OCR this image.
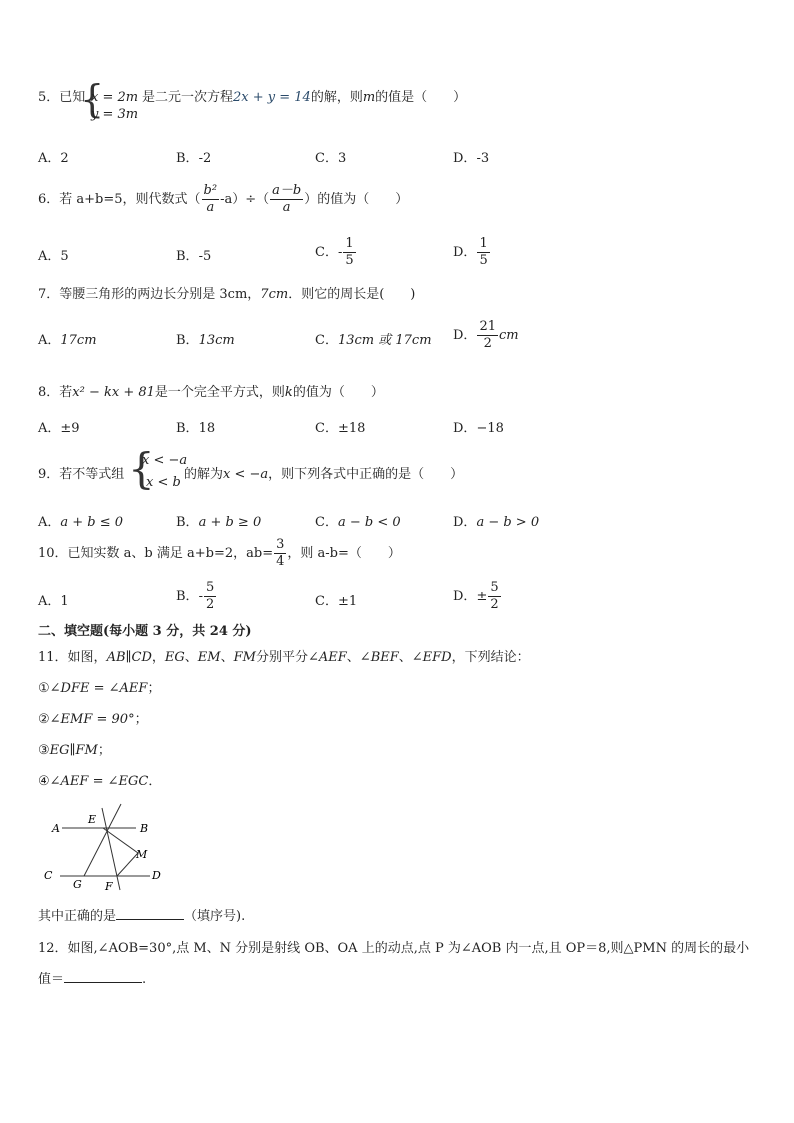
5．已知
{
x = 2m
y = 3m
是二元一次方程2x + y = 14的解，则m的值是（　　）
A．2	B．-2	C．3	D．-3
6．若 a+b=5，则代数式（ $\frac{\text{b²}}{a} -a)\div( \frac{a-b}{a}$ ）的值为（　　）
A．5	B．-5	C．- $\frac{1}{5}$	D． $\frac{1}{5}$
7．等腰三角形的两边长分别是 3cm，7cm．则它的周长是(　　)
A．17cm	B．13cm	C．13cm 或 17cm D． $\frac{21}{2}$ cm
8．若x² − kx + 81是一个完全平方式，则k的值为（　　）
A．±9	B．18	C．±18	D．−18
9．若不等式组 {
x < −a
x < b
的解为x < −a，则下列各式中正确的是（　　）
A．a + b ≤ 0	B．a + b ≥ 0	C．a − b < 0	D．a − b > 0
10．已知实数 a、b 满足 a+b=2，$ab= \frac{3}{4}$ ，则 a-b=（　　）
A．1	B．- $\frac{5}{2}$	C．±1	D．± $\frac{5}{2}$
二、填空题(每小题 3 分，共 24 分)
11．如图，AB∥CD，EG、EM、FM分别平分∠AEF、∠BEF、∠EFD，下列结论：
①∠DFE = ∠AEF；
②∠EMF = 90°；
③EG∥FM；
④∠AEF = ∠EGC．
A
E
B
M
C
G F
D
其中正确的是	（填序号).
12．如图,∠AOB=30°,点 M、N 分别是射线 OB、OA 上的动点,点 P 为∠AOB 内一点,且 OP＝8,则△PMN 的周长的最小
值＝	.
